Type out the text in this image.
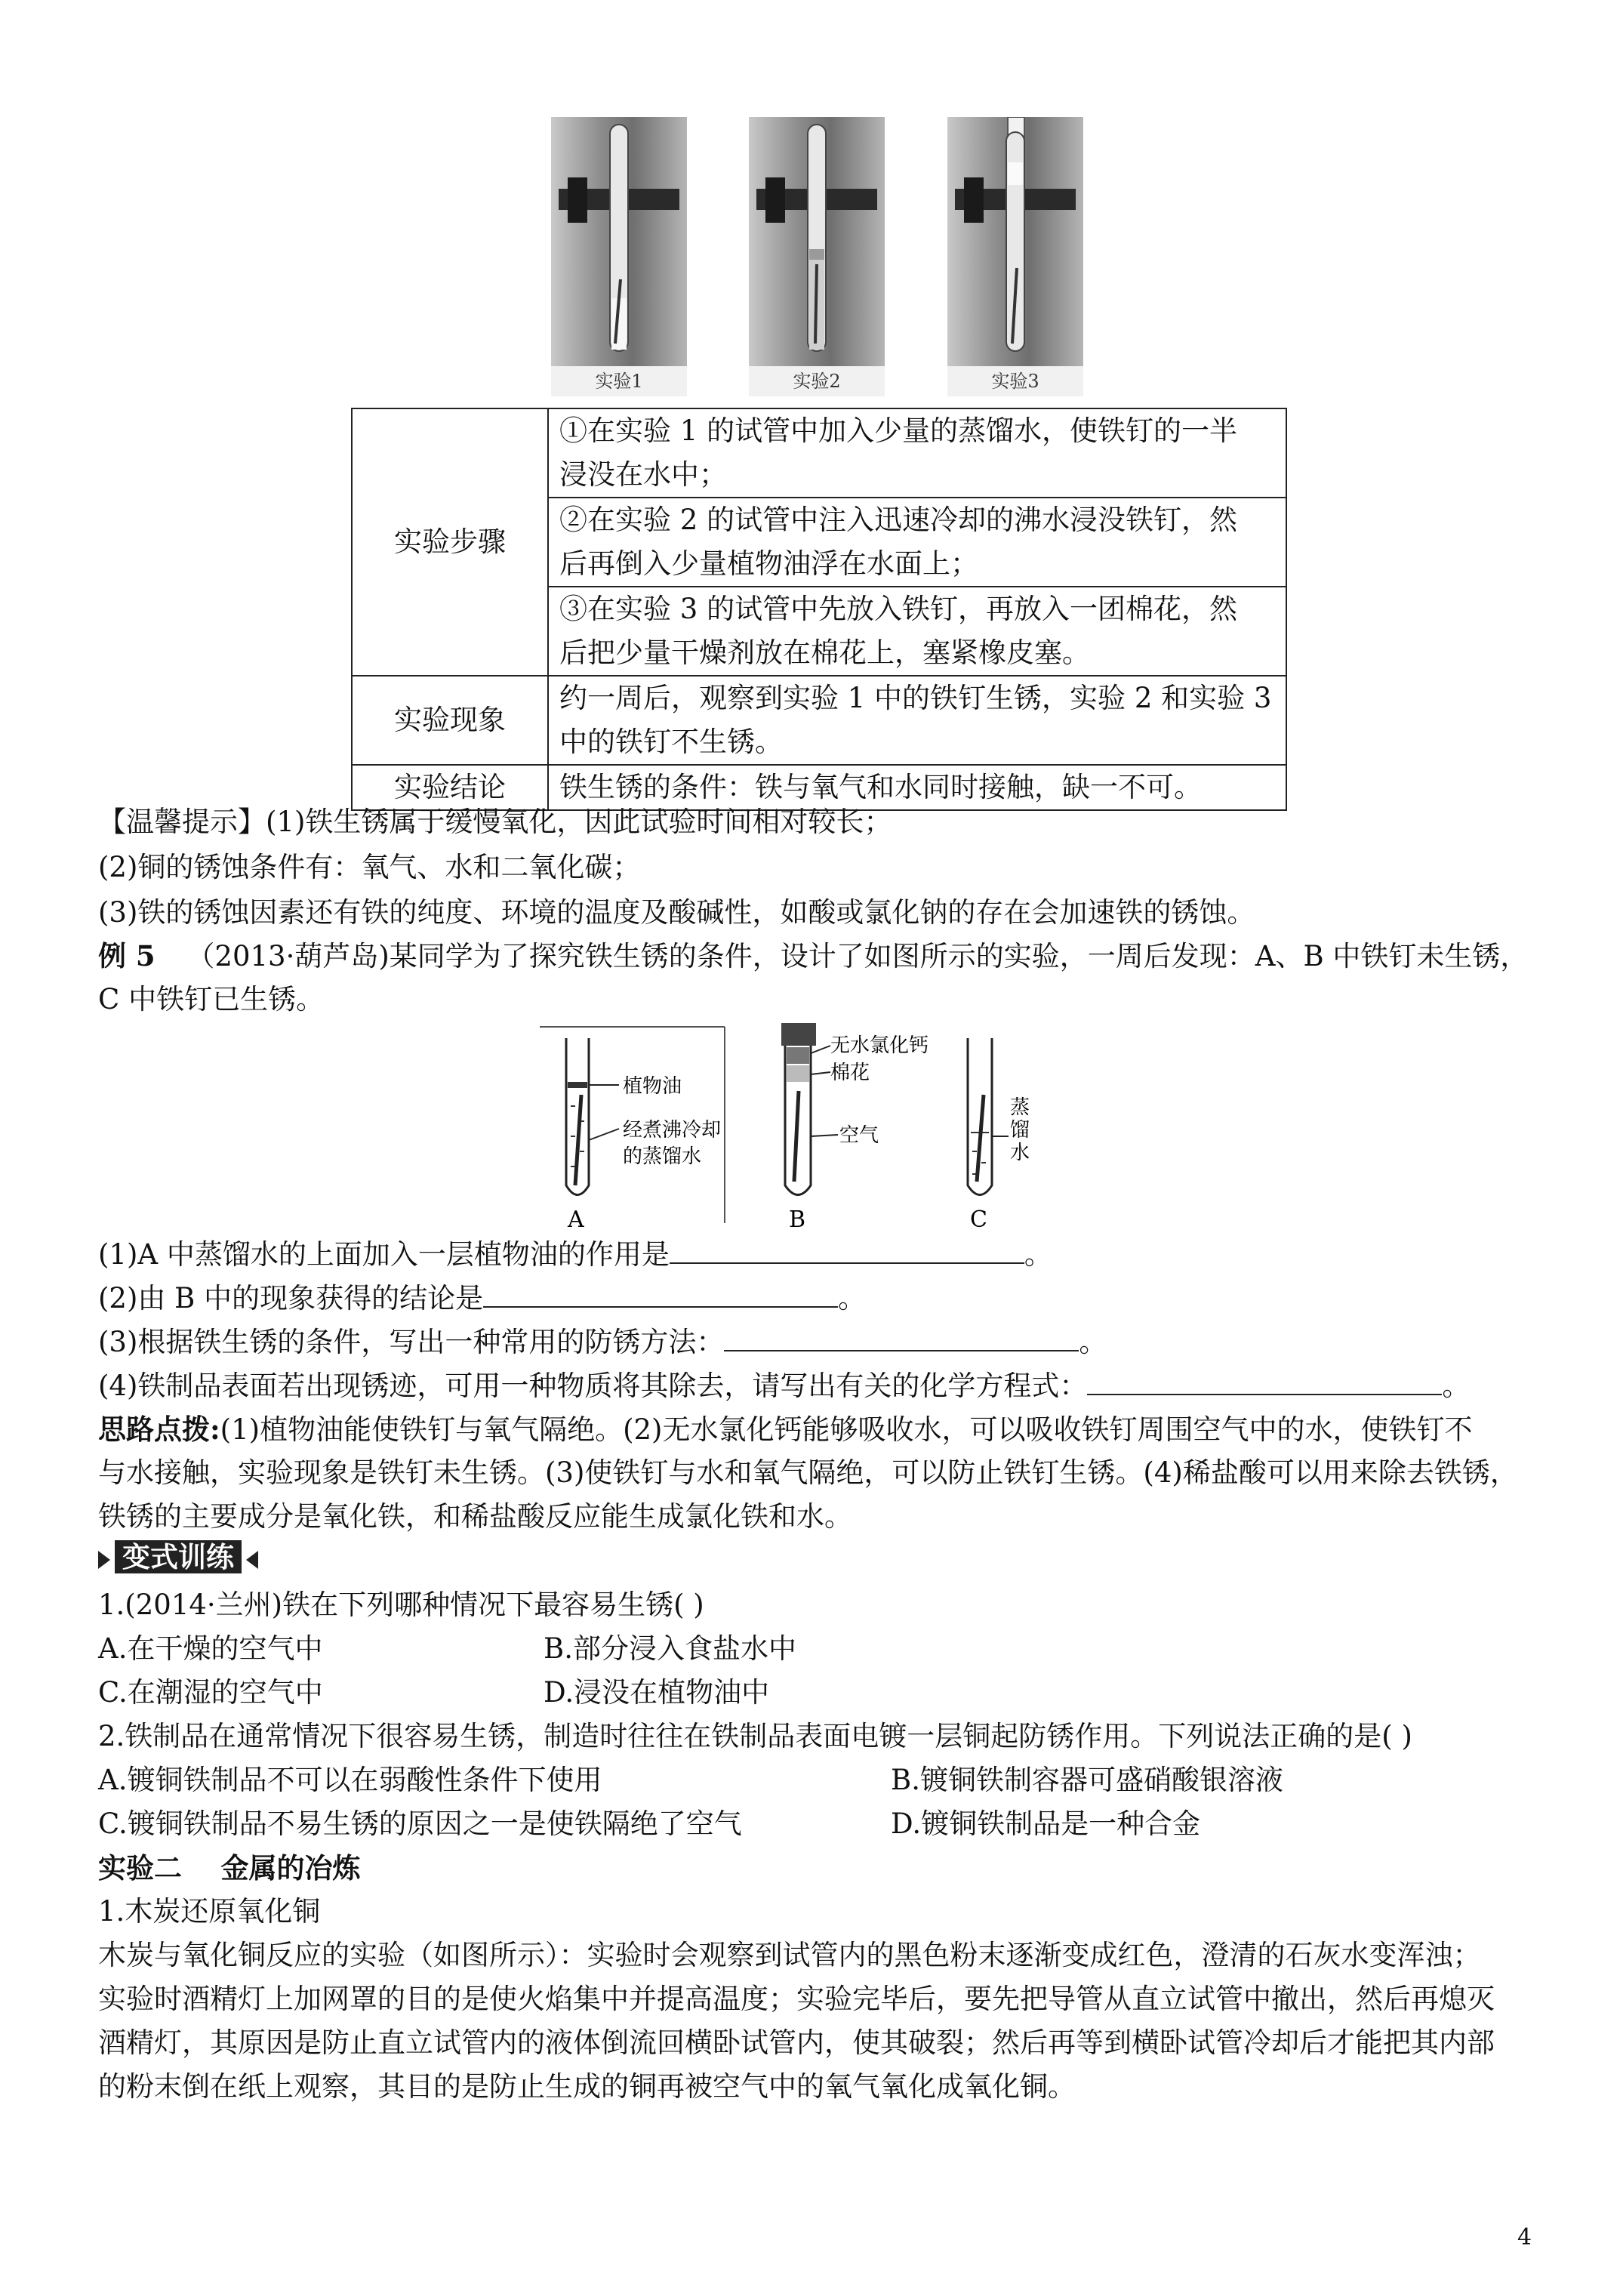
实验1	实验2	实验3
实验步骤	①在实验 1 的试管中加入少量的蒸馏水，使铁钉的一半
浸没在水中；

	②在实验 2 的试管中注入迅速冷却的沸水浸没铁钉，然
后再倒入少量植物油浮在水面上；

	③在实验 3 的试管中先放入铁钉，再放入一团棉花，然
后把少量干燥剂放在棉花上，塞紧橡皮塞。

实验现象	约一周后，观察到实验 1 中的铁钉生锈，实验 2 和实验 3
中的铁钉不生锈。

实验结论	铁生锈的条件：铁与氧气和水同时接触，缺一不可。
【温馨提示】(1)铁生锈属于缓慢氧化，因此试验时间相对较长；
(2)铜的锈蚀条件有：氧气、水和二氧化碳；
(3)铁的锈蚀因素还有铁的纯度、环境的温度及酸碱性，如酸或氯化钠的存在会加速铁的锈蚀。
例 5 （2013·葫芦岛)某同学为了探究铁生锈的条件，设计了如图所示的实验，一周后发现：A、B 中铁钉未生锈，
C 中铁钉已生锈。
植物油
经煮沸冷却
的蒸馏水
A
无水氯化钙
棉花
空气
B
蒸
馏
水
C
(1)A 中蒸馏水的上面加入一层植物油的作用是	。
(2)由 B 中的现象获得的结论是	。
(3)根据铁生锈的条件，写出一种常用的防锈方法：	。
(4)铁制品表面若出现锈迹，可用一种物质将其除去，请写出有关的化学方程式：	。
思路点拨:(1)植物油能使铁钉与氧气隔绝。(2)无水氯化钙能够吸收水，可以吸收铁钉周围空气中的水，使铁钉不
与水接触，实验现象是铁钉未生锈。(3)使铁钉与水和氧气隔绝，可以防止铁钉生锈。(4)稀盐酸可以用来除去铁锈，
铁锈的主要成分是氧化铁，和稀盐酸反应能生成氯化铁和水。
变式训练
1.(2014·兰州)铁在下列哪种情况下最容易生锈( )
A.在干燥的空气中	B.部分浸入食盐水中
C.在潮湿的空气中	D.浸没在植物油中
2.铁制品在通常情况下很容易生锈，制造时往往在铁制品表面电镀一层铜起防锈作用。下列说法正确的是( )
A.镀铜铁制品不可以在弱酸性条件下使用	B.镀铜铁制容器可盛硝酸银溶液
C.镀铜铁制品不易生锈的原因之一是使铁隔绝了空气	D.镀铜铁制品是一种合金
实验二    金属的冶炼
1.木炭还原氧化铜
木炭与氧化铜反应的实验（如图所示）：实验时会观察到试管内的黑色粉末逐渐变成红色，澄清的石灰水变浑浊；
实验时酒精灯上加网罩的目的是使火焰集中并提高温度；实验完毕后，要先把导管从直立试管中撤出，然后再熄灭
酒精灯，其原因是防止直立试管内的液体倒流回横卧试管内，使其破裂；然后再等到横卧试管冷却后才能把其内部
的粉末倒在纸上观察，其目的是防止生成的铜再被空气中的氧气氧化成氧化铜。
4
